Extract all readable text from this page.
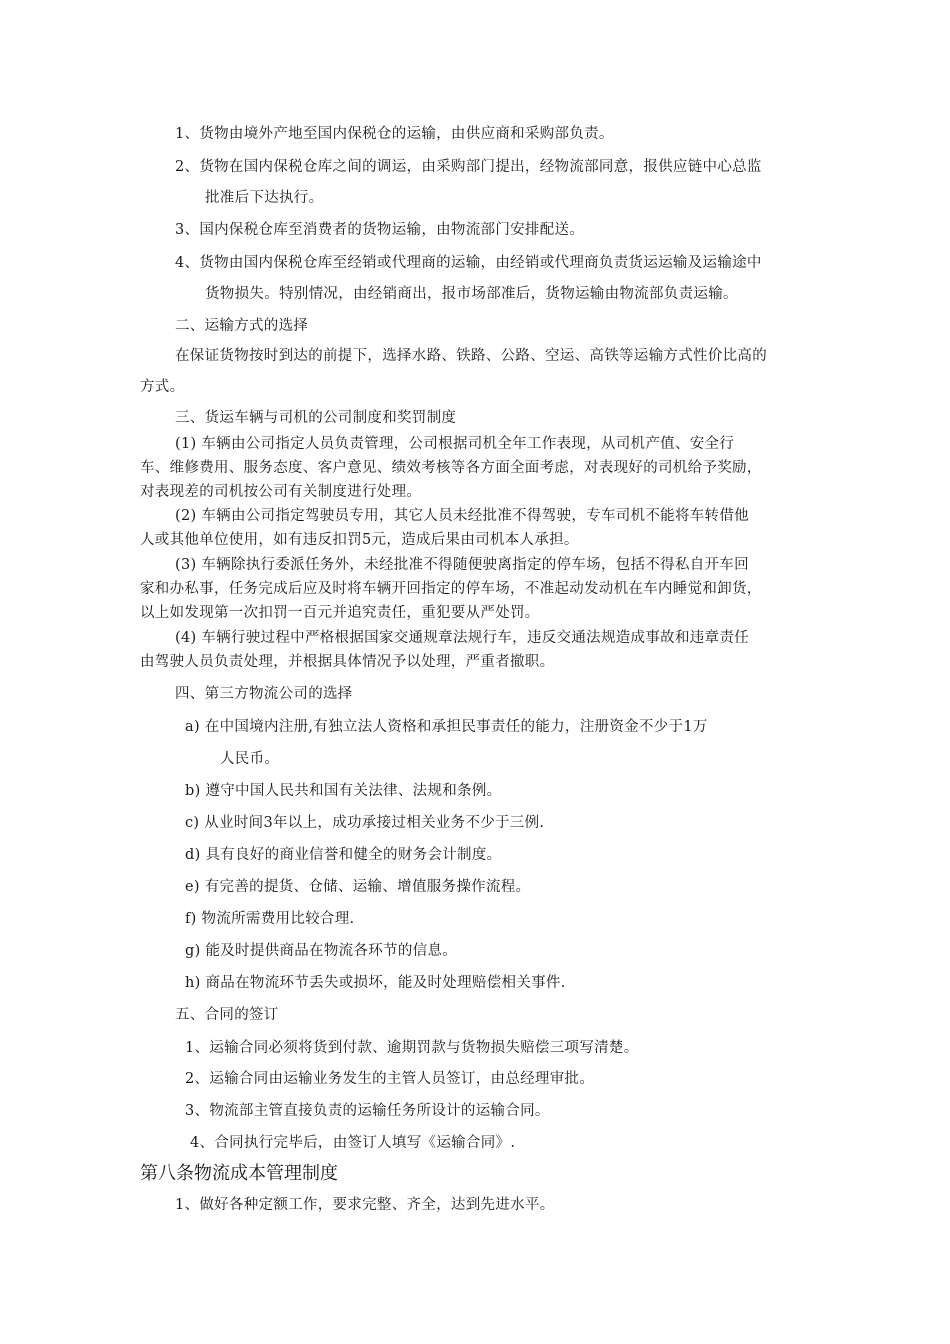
1、货物由境外产地至国内保税仓的运输，由供应商和采购部负责。
2、货物在国内保税仓库之间的调运，由采购部门提出，经物流部同意，报供应链中心总监
批准后下达执行。
3、国内保税仓库至消费者的货物运输，由物流部门安排配送。
4、货物由国内保税仓库至经销或代理商的运输，由经销或代理商负责货运运输及运输途中
货物损失。特别情况，由经销商出，报市场部准后，货物运输由物流部负责运输。
二、运输方式的选择
在保证货物按时到达的前提下，选择水路、铁路、公路、空运、高铁等运输方式性价比高的
方式。
三、货运车辆与司机的公司制度和奖罚制度
(1) 车辆由公司指定人员负责管理，公司根据司机全年工作表现，从司机产值、安全行
车、维修费用、服务态度、客户意见、绩效考核等各方面全面考虑，对表现好的司机给予奖励，
对表现差的司机按公司有关制度进行处理。
(2) 车辆由公司指定驾驶员专用，其它人员未经批准不得驾驶，专车司机不能将车转借他
人或其他单位使用，如有违反扣罚5元，造成后果由司机本人承担。
(3) 车辆除执行委派任务外，未经批准不得随便驶离指定的停车场，包括不得私自开车回
家和办私事，任务完成后应及时将车辆开回指定的停车场，不准起动发动机在车内睡觉和卸货，
以上如发现第一次扣罚一百元并追究责任，重犯要从严处罚。
(4) 车辆行驶过程中严格根据国家交通规章法规行车，违反交通法规造成事故和违章责任
由驾驶人员负责处理，并根据具体情况予以处理，严重者撤职。
四、第三方物流公司的选择
a) 在中国境内注册,有独立法人资格和承担民事责任的能力，注册资金不少于1万
人民币。
b) 遵守中国人民共和国有关法律、法规和条例。
c) 从业时间3年以上，成功承接过相关业务不少于三例.
d) 具有良好的商业信誉和健全的财务会计制度。
e) 有完善的提货、仓储、运输、增值服务操作流程。
f) 物流所需费用比较合理.
g) 能及时提供商品在物流各环节的信息。
h) 商品在物流环节丢失或损坏，能及时处理赔偿相关事件.
五、合同的签订
1、运输合同必须将货到付款、逾期罚款与货物损失赔偿三项写清楚。
2、运输合同由运输业务发生的主管人员签订，由总经理审批。
3、物流部主管直接负责的运输任务所设计的运输合同。
4、合同执行完毕后，由签订人填写《运输合同》.
第八条物流成本管理制度
1、做好各种定额工作，要求完整、齐全，达到先进水平。
